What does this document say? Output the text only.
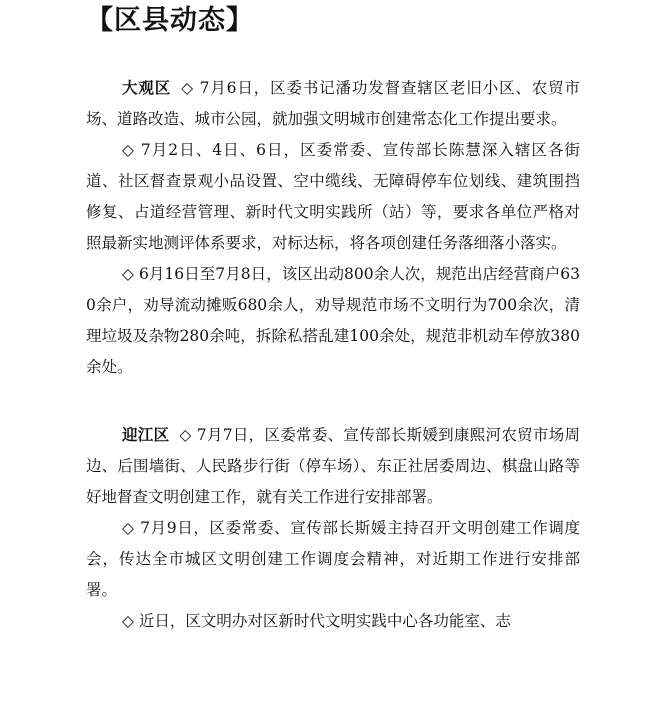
【区县动态】

大观区 ◇ 7月6日，区委书记潘功发督查辖区老旧小区、农贸市场、道路改造、城市公园，就加强文明城市创建常态化工作提出要求。

◇ 7月2日、4日、6日，区委常委、宣传部长陈慧深入辖区各街道、社区督查景观小品设置、空中缆线、无障碍停车位划线、建筑围挡修复、占道经营管理、新时代文明实践所（站）等，要求各单位严格对照最新实地测评体系要求，对标达标，将各项创建任务落细落小落实。

◇ 6月16日至7月8日，该区出动800余人次，规范出店经营商户630余户，劝导流动摊贩680余人，劝导规范市场不文明行为700余次，清理垃圾及杂物280余吨，拆除私搭乱建100余处，规范非机动车停放380余处。

迎江区 ◇ 7月7日，区委常委、宣传部长斯媛到康熙河农贸市场周边、后围墙街、人民路步行街（停车场）、东正社居委周边、棋盘山路等好地督查文明创建工作，就有关工作进行安排部署。

◇ 7月9日，区委常委、宣传部长斯媛主持召开文明创建工作调度会，传达全市城区文明创建工作调度会精神，对近期工作进行安排部署。

◇ 近日，区文明办对区新时代文明实践中心各功能室、志
